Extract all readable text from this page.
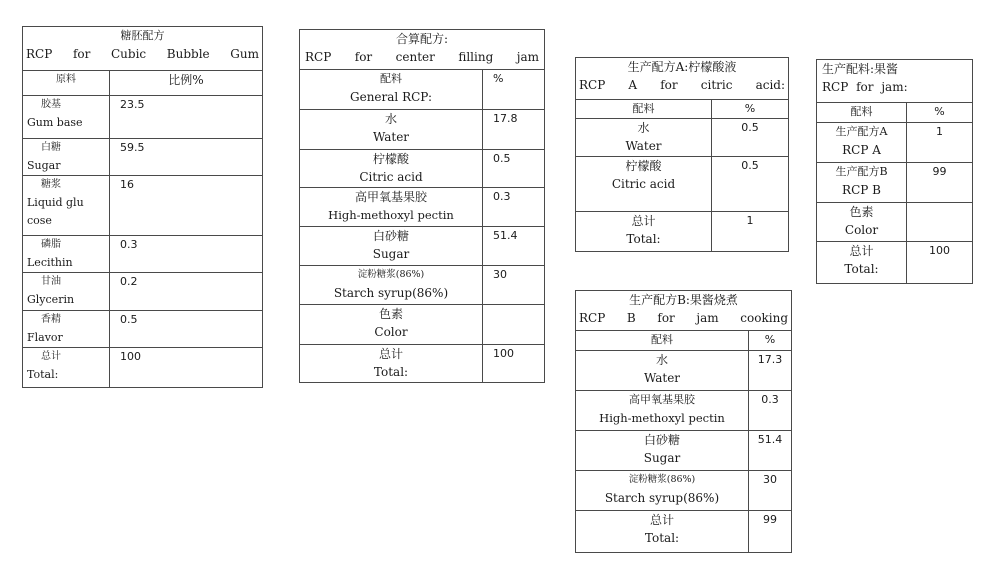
糖胚配方
RCP for Cubic Bubble Gum	

原料	比例%

胶基
Gum base	23.5

白糖
Sugar	59.5

糖浆
Liquid glu
cose	16

磷脂
Lecithin	0.3

甘油
Glycerin	0.2

香精
Flavor	0.5

总计
Total:	100
合算配方:
RCP for center filling jam	

配料
General RCP:	%

水
Water	17.8

柠檬酸
Citric acid	0.5

高甲氧基果胶
High-methoxyl pectin	0.3

白砂糖
Sugar	51.4

淀粉糖浆(86%)
Starch syrup(86%)	30

色素
Color	

总计
Total:	100
生产配方A:柠檬酸液
RCP A for citric acid:	

配料	%

水
Water	0.5

柠檬酸
Citric acid	0.5

总计
Total:	1
生产配料:果酱
RCP for jam:	

配料	%

生产配方A
RCP A	1

生产配方B
RCP B	99

色素
Color	

总计
Total:	100
生产配方B:果酱烧煮
RCP B for jam cooking	

配料	%

水
Water	17.3

高甲氧基果胶
High-methoxyl pectin	0.3

白砂糖
Sugar	51.4

淀粉糖浆(86%)
Starch syrup(86%)	30

总计
Total:	99
